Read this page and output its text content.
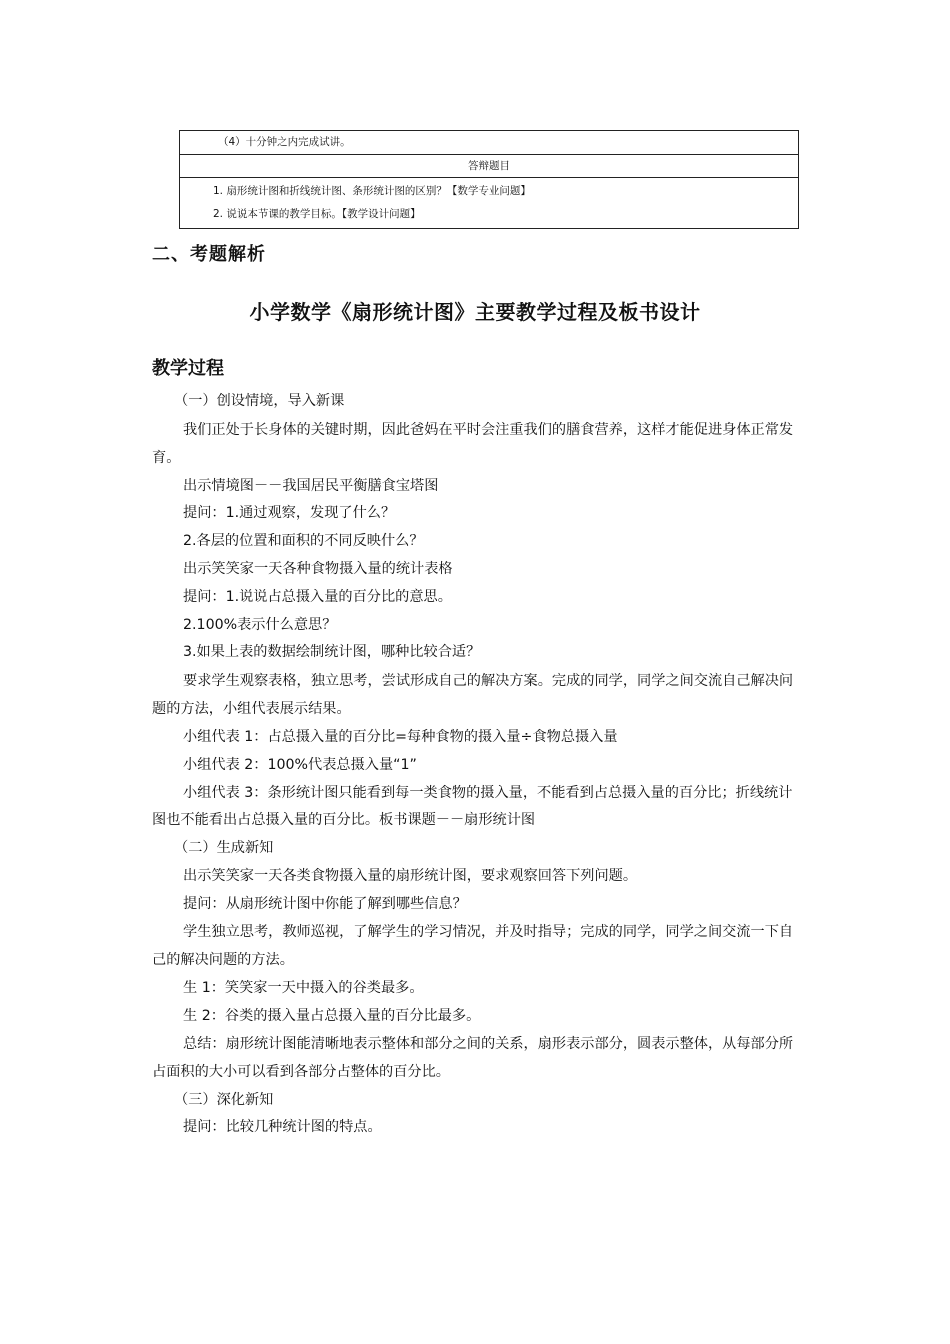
（4）十分钟之内完成试讲。
答辩题目
1. 扇形统计图和折线统计图、条形统计图的区别？【数学专业问题】
2. 说说本节课的教学目标。【教学设计问题】
二、考题解析
小学数学《扇形统计图》主要教学过程及板书设计
教学过程
（一）创设情境，导入新课
我们正处于长身体的关键时期，因此爸妈在平时会注重我们的膳食营养，这样才能促进身体正常发
育。
出示情境图－－我国居民平衡膳食宝塔图
提问：1.通过观察，发现了什么？
2.各层的位置和面积的不同反映什么？
出示笑笑家一天各种食物摄入量的统计表格
提问：1.说说占总摄入量的百分比的意思。
2.100%表示什么意思？
3.如果上表的数据绘制统计图，哪种比较合适？
要求学生观察表格，独立思考，尝试形成自己的解决方案。完成的同学，同学之间交流自己解决问
题的方法，小组代表展示结果。
小组代表 1：占总摄入量的百分比=每种食物的摄入量÷食物总摄入量
小组代表 2：100%代表总摄入量“1”
小组代表 3：条形统计图只能看到每一类食物的摄入量，不能看到占总摄入量的百分比；折线统计
图也不能看出占总摄入量的百分比。板书课题－－扇形统计图
（二）生成新知
出示笑笑家一天各类食物摄入量的扇形统计图，要求观察回答下列问题。
提问：从扇形统计图中你能了解到哪些信息？
学生独立思考，教师巡视，了解学生的学习情况，并及时指导；完成的同学，同学之间交流一下自
己的解决问题的方法。
生 1：笑笑家一天中摄入的谷类最多。
生 2：谷类的摄入量占总摄入量的百分比最多。
总结：扇形统计图能清晰地表示整体和部分之间的关系，扇形表示部分，圆表示整体，从每部分所
占面积的大小可以看到各部分占整体的百分比。
（三）深化新知
提问：比较几种统计图的特点。
